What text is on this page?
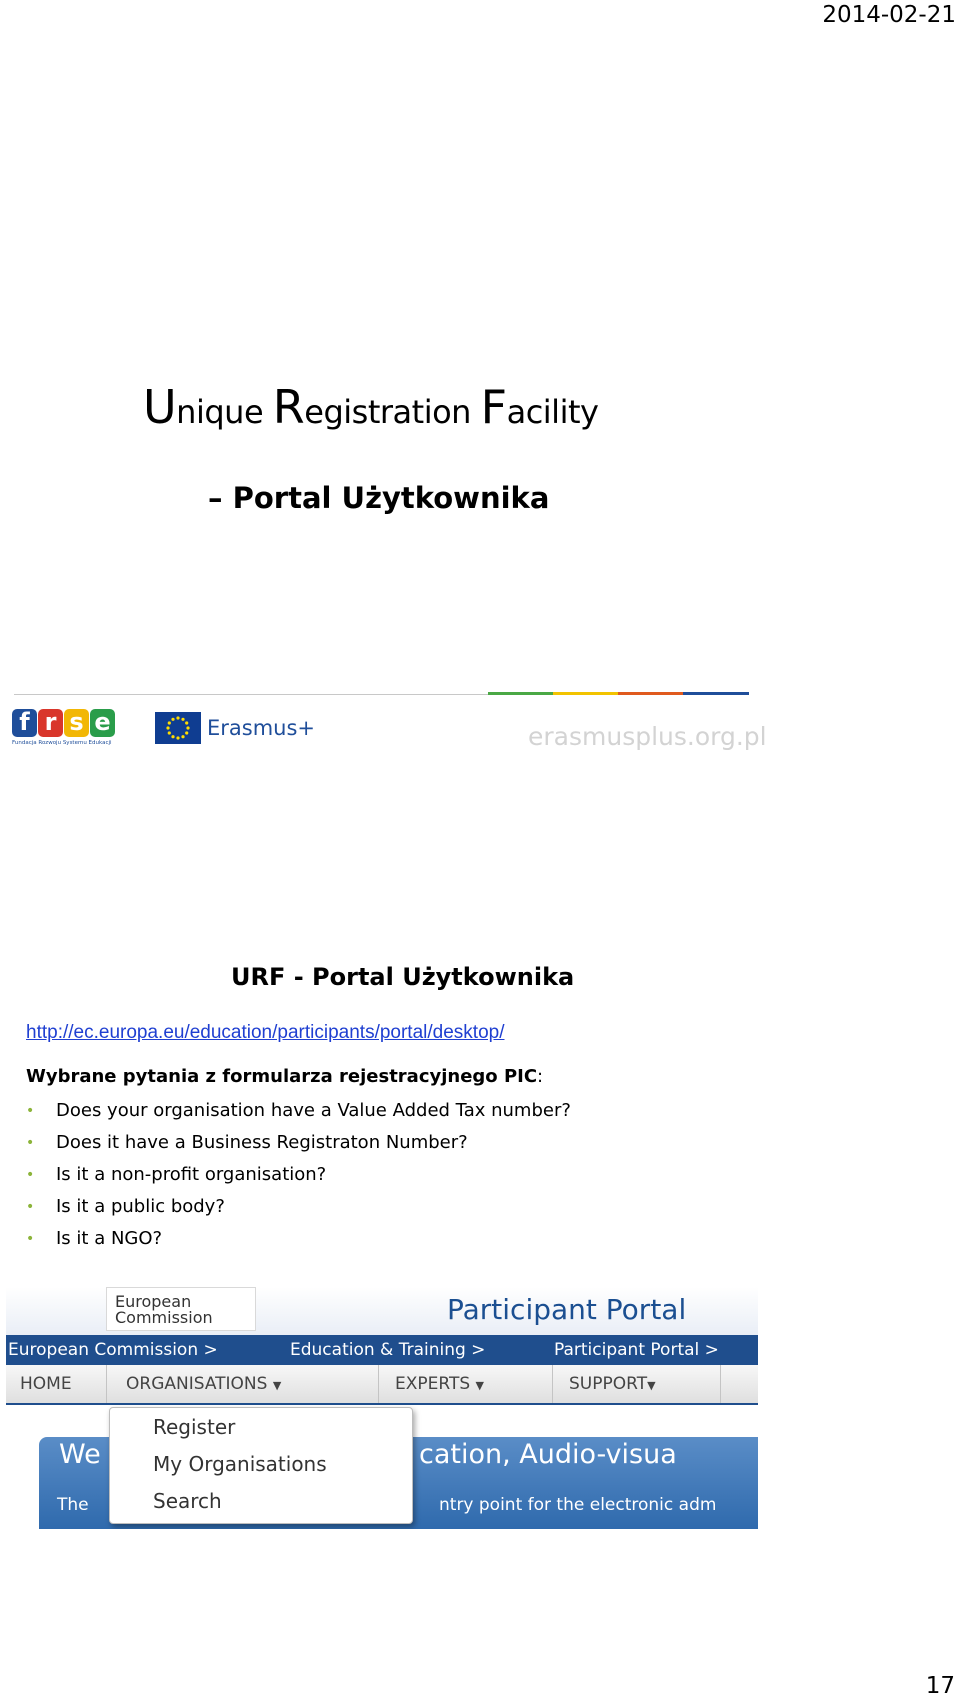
2014-02-21
Unique Registration Facility
– Portal Użytkownika
f r s e
Fundacja Rozwoju Systemu Edukacji
Erasmus+	erasmusplus.org.pl
URF - Portal Użytkownika
http://ec.europa.eu/education/participants/portal/desktop/
Wybrane pytania z formularza rejestracyjnego PIC:
• Does your organisation have a Value Added Tax number?
• Does it have a Business Registraton Number?
• Is it a non-profit organisation?
• Is it a public body?
• Is it a NGO?
European
Commission	Participant Portal
European Commission >	Education & Training >	Participant Portal >
HOME	ORGANISATIONS ▼	EXPERTS ▼	SUPPORT▼
We	cation, Audio-visua
The	ntry point for the electronic adm
Register
My Organisations
Search
17
